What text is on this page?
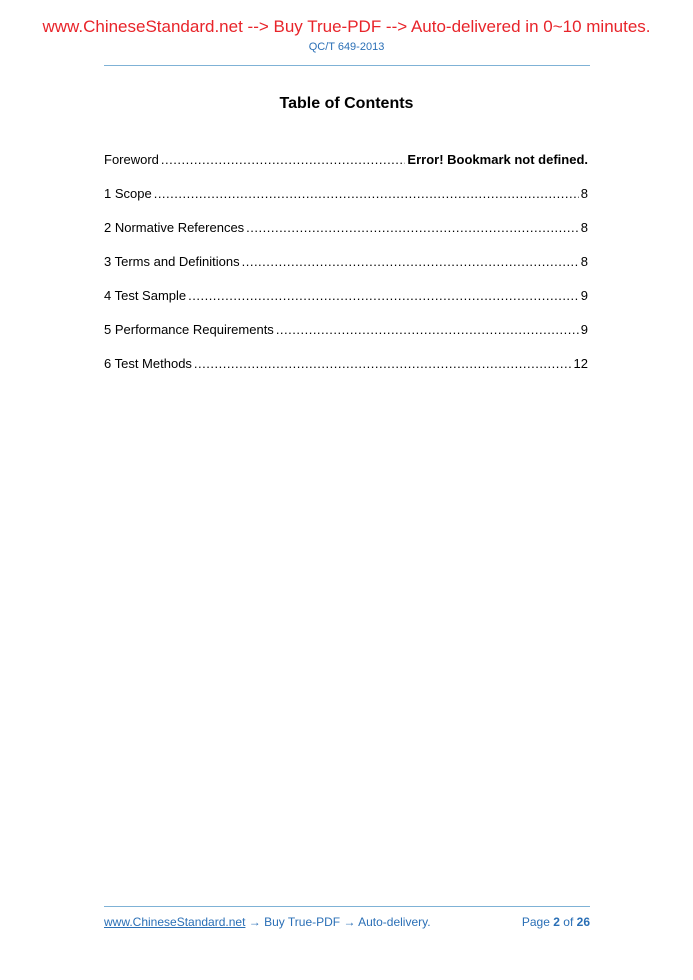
www.ChineseStandard.net --> Buy True-PDF --> Auto-delivered in 0~10 minutes.
QC/T 649-2013
Table of Contents
Foreword .....	Error! Bookmark not defined.
1 Scope .....	8
2 Normative References .....	8
3 Terms and Definitions .....	8
4 Test Sample .....	9
5 Performance Requirements .....	9
6 Test Methods .....	12
www.ChineseStandard.net → Buy True-PDF → Auto-delivery.	Page 2 of 26
